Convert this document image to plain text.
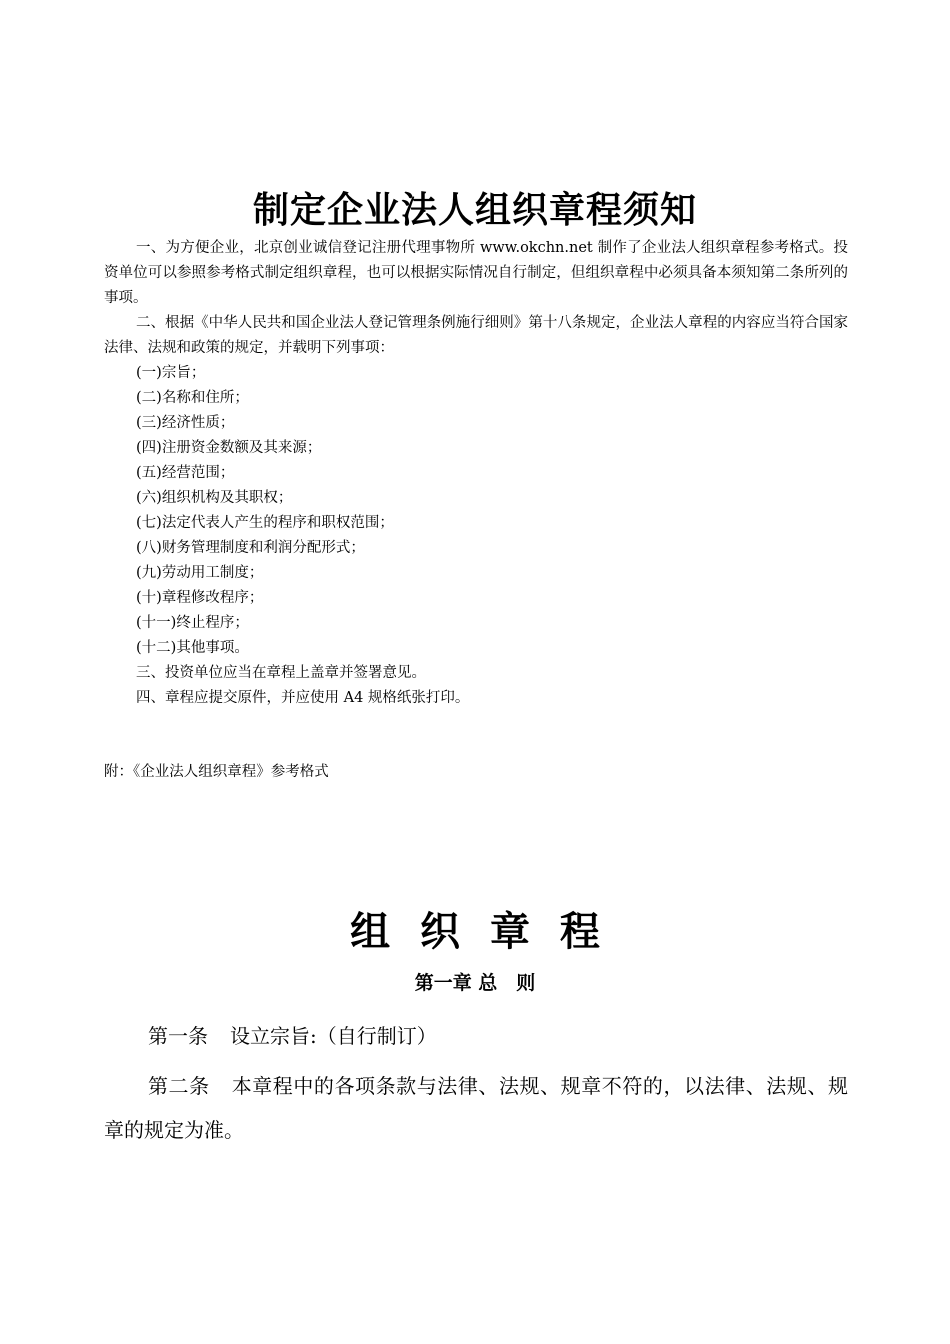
制定企业法人组织章程须知

一、为方便企业，北京创业诚信登记注册代理事物所 www.okchn.net 制作了企业法人组织章程参考格式。投资单位可以参照参考格式制定组织章程，也可以根据实际情况自行制定，但组织章程中必须具备本须知第二条所列的事项。

二、根据《中华人民共和国企业法人登记管理条例施行细则》第十八条规定，企业法人章程的内容应当符合国家法律、法规和政策的规定，并载明下列事项：

(一)宗旨；
(二)名称和住所；
(三)经济性质；
(四)注册资金数额及其来源；
(五)经营范围；
(六)组织机构及其职权；
(七)法定代表人产生的程序和职权范围；
(八)财务管理制度和利润分配形式；
(九)劳动用工制度；
(十)章程修改程序；
(十一)终止程序；
(十二)其他事项。

三、投资单位应当在章程上盖章并签署意见。

四、章程应提交原件，并应使用 A4 规格纸张打印。

附：《企业法人组织章程》参考格式
组 织 章 程
第一章 总　则

第一条 设立宗旨:（自行制订）

第二条 本章程中的各项条款与法律、法规、规章不符的，以法律、法规、规章的规定为准。
